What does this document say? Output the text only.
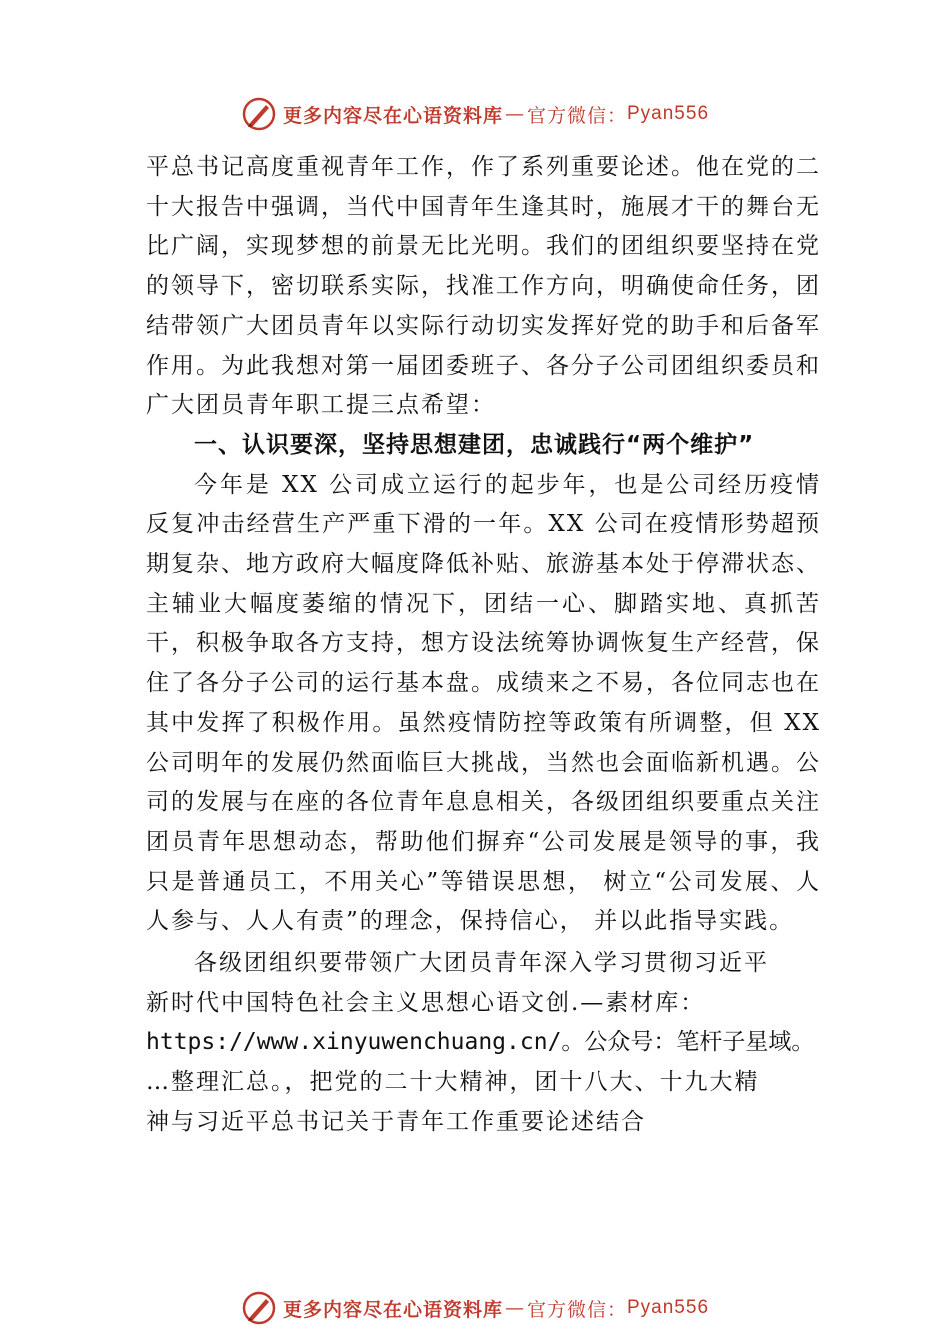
更多内容尽在心语资料库 — 官方微信： Pyan556

平总书记高度重视青年工作，作了系列重要论述。他在党的二十大报告中强调，当代中国青年生逢其时，施展才干的舞台无比广阔，实现梦想的前景无比光明。我们的团组织要坚持在党的领导下，密切联系实际，找准工作方向，明确使命任务，团结带领广大团员青年以实际行动切实发挥好党的助手和后备军作用。为此我想对第一届团委班子、各分子公司团组织委员和广大团员青年职工提三点希望：

一、认识要深，坚持思想建团，忠诚践行“两个维护”

今年是 XX 公司成立运行的起步年，也是公司经历疫情反复冲击经营生产严重下滑的一年。XX 公司在疫情形势超预期复杂、地方政府大幅度降低补贴、旅游基本处于停滞状态、主辅业大幅度萎缩的情况下，团结一心、脚踏实地、真抓苦干，积极争取各方支持，想方设法统筹协调恢复生产经营，保住了各分子公司的运行基本盘。成绩来之不易，各位同志也在其中发挥了积极作用。虽然疫情防控等政策有所调整，但 XX 公司明年的发展仍然面临巨大挑战，当然也会面临新机遇。公司的发展与在座的各位青年息息相关，各级团组织要重点关注团员青年思想动态，帮助他们摒弃“公司发展是领导的事，我只是普通员工，不用关心”等错误思想， 树立“公司发展、人人参与、人人有责”的理念，保持信心， 并以此指导实践。

各级团组织要带领广大团员青年深入学习贯彻习近平
新时代中国特色社会主义思想心语文创.—素材库：
https://www.xinyuwenchuang.cn/。公众号：笔杆子星域。
…整理汇总。，把党的二十大精神，团十八大、十九大精
神与习近平总书记关于青年工作重要论述结合
更多内容尽在心语资料库 — 官方微信： Pyan556
